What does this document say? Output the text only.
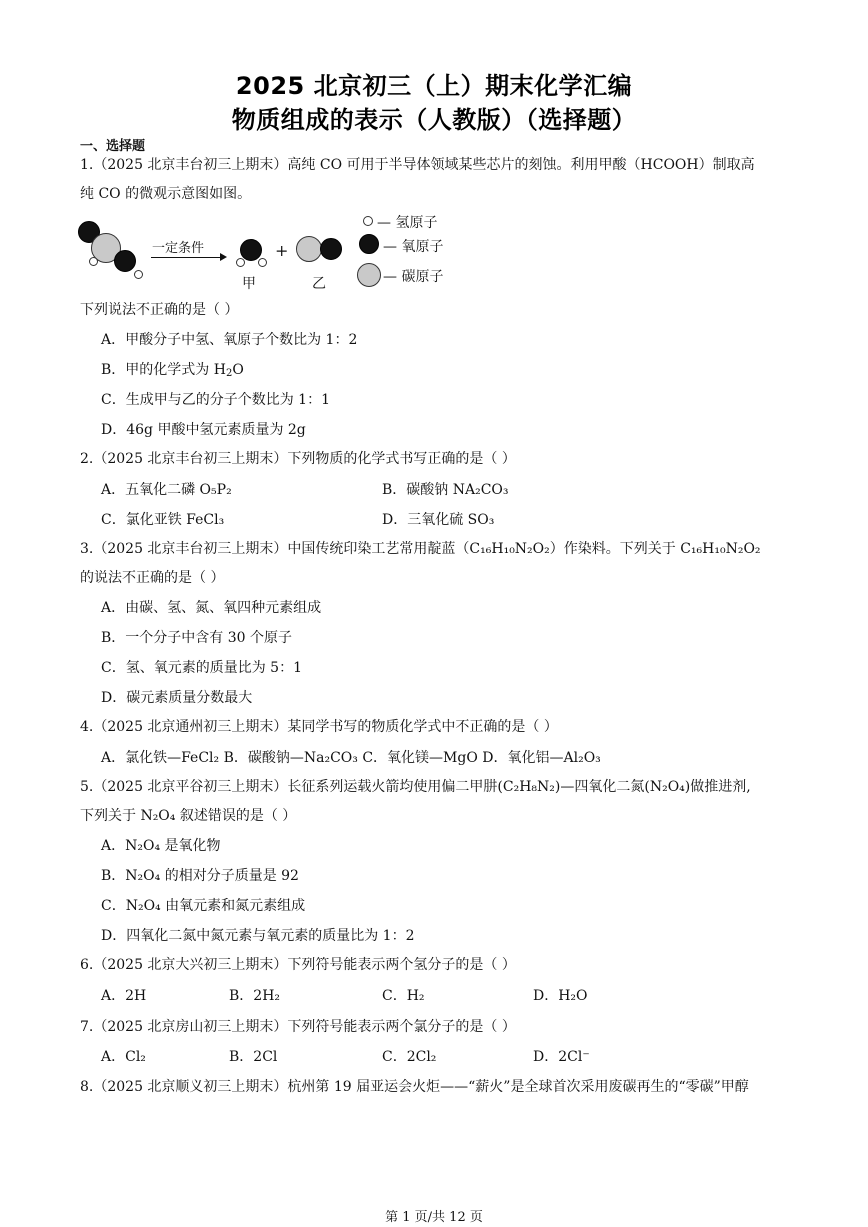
2025 北京初三（上）期末化学汇编
物质组成的表示（人教版）（选择题）
一、选择题
1.（2025 北京丰台初三上期末）高纯 CO 可用于半导体领域某些芯片的刻蚀。利用甲酸（HCOOH）制取高
纯 CO 的微观示意图如图。
一定条件
甲
+
乙
— 氢原子
— 氧原子
— 碳原子
下列说法不正确的是（ ）
A．甲酸分子中氢、氧原子个数比为 1：2
B．甲的化学式为 $H_2O$
C．生成甲与乙的分子个数比为 1：1
D．46g 甲酸中氢元素质量为 2g
2.（2025 北京丰台初三上期末）下列物质的化学式书写正确的是（ ）
A．五氧化二磷 O₅P₂	B．碳酸钠 NA₂CO₃
C．氯化亚铁 FeCl₃	D．三氧化硫 SO₃
3.（2025 北京丰台初三上期末）中国传统印染工艺常用靛蓝（C₁₆H₁₀N₂O₂）作染料。下列关于 C₁₆H₁₀N₂O₂
的说法不正确的是（ ）
A．由碳、氢、氮、氧四种元素组成
B．一个分子中含有 30 个原子
C．氢、氧元素的质量比为 5：1
D．碳元素质量分数最大
4.（2025 北京通州初三上期末）某同学书写的物质化学式中不正确的是（ ）
A．氯化铁—FeCl₂ B．碳酸钠—Na₂CO₃ C．氧化镁—MgO D．氧化铝—Al₂O₃
5.（2025 北京平谷初三上期末）长征系列运载火箭均使用偏二甲肼(C₂H₈N₂)—四氧化二氮(N₂O₄)做推进剂,
下列关于 N₂O₄ 叙述错误的是（ ）
A．N₂O₄ 是氧化物
B．N₂O₄ 的相对分子质量是 92
C．N₂O₄ 由氧元素和氮元素组成
D．四氧化二氮中氮元素与氧元素的质量比为 1：2
6.（2025 北京大兴初三上期末）下列符号能表示两个氢分子的是（ ）
A．2H	B．2H₂	C．H₂	D．H₂O
7.（2025 北京房山初三上期末）下列符号能表示两个氯分子的是（ ）
A．Cl₂	B．2Cl	C．2Cl₂	D．2Cl⁻
8.（2025 北京顺义初三上期末）杭州第 19 届亚运会火炬——“薪火”是全球首次采用废碳再生的“零碳”甲醇
第 1 页/共 12 页
